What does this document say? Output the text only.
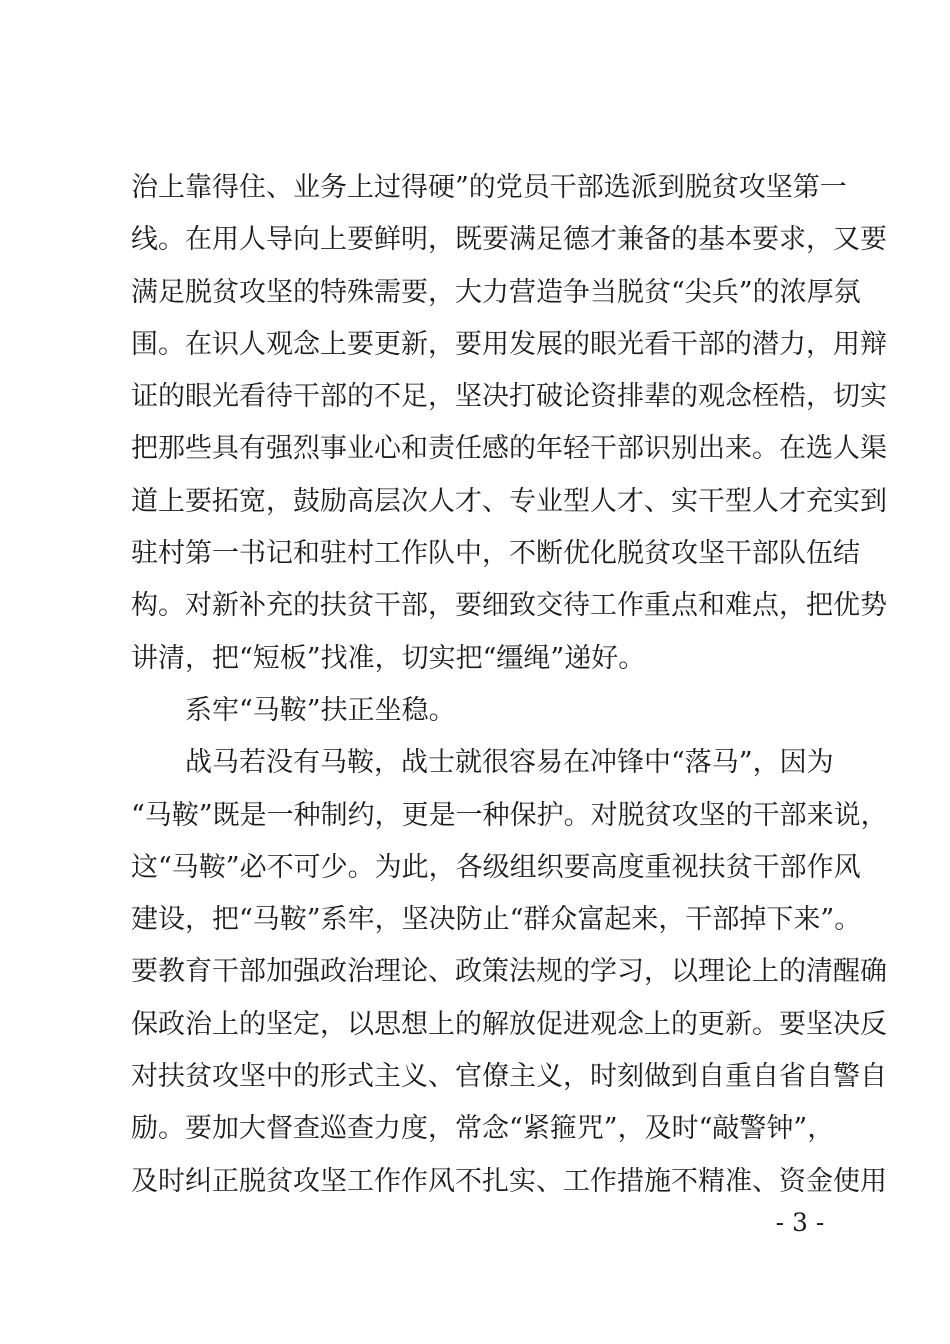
治上靠得住、业务上过得硬”的党员干部选派到脱贫攻坚第一
线。在用人导向上要鲜明，既要满足德才兼备的基本要求，又要
满足脱贫攻坚的特殊需要，大力营造争当脱贫“尖兵”的浓厚氛
围。在识人观念上要更新，要用发展的眼光看干部的潜力，用辩
证的眼光看待干部的不足，坚决打破论资排辈的观念桎梏，切实
把那些具有强烈事业心和责任感的年轻干部识别出来。在选人渠
道上要拓宽，鼓励高层次人才、专业型人才、实干型人才充实到
驻村第一书记和驻村工作队中，不断优化脱贫攻坚干部队伍结
构。对新补充的扶贫干部，要细致交待工作重点和难点，把优势
讲清，把“短板”找准，切实把“缰绳”递好。
系牢“马鞍”扶正坐稳。
战马若没有马鞍，战士就很容易在冲锋中“落马”，因为
“马鞍”既是一种制约，更是一种保护。对脱贫攻坚的干部来说，
这“马鞍”必不可少。为此，各级组织要高度重视扶贫干部作风
建设，把“马鞍”系牢，坚决防止“群众富起来，干部掉下来”。
要教育干部加强政治理论、政策法规的学习，以理论上的清醒确
保政治上的坚定，以思想上的解放促进观念上的更新。要坚决反
对扶贫攻坚中的形式主义、官僚主义，时刻做到自重自省自警自
励。要加大督查巡查力度，常念“紧箍咒”，及时“敲警钟”，
及时纠正脱贫攻坚工作作风不扎实、工作措施不精准、资金使用
- 3 -
